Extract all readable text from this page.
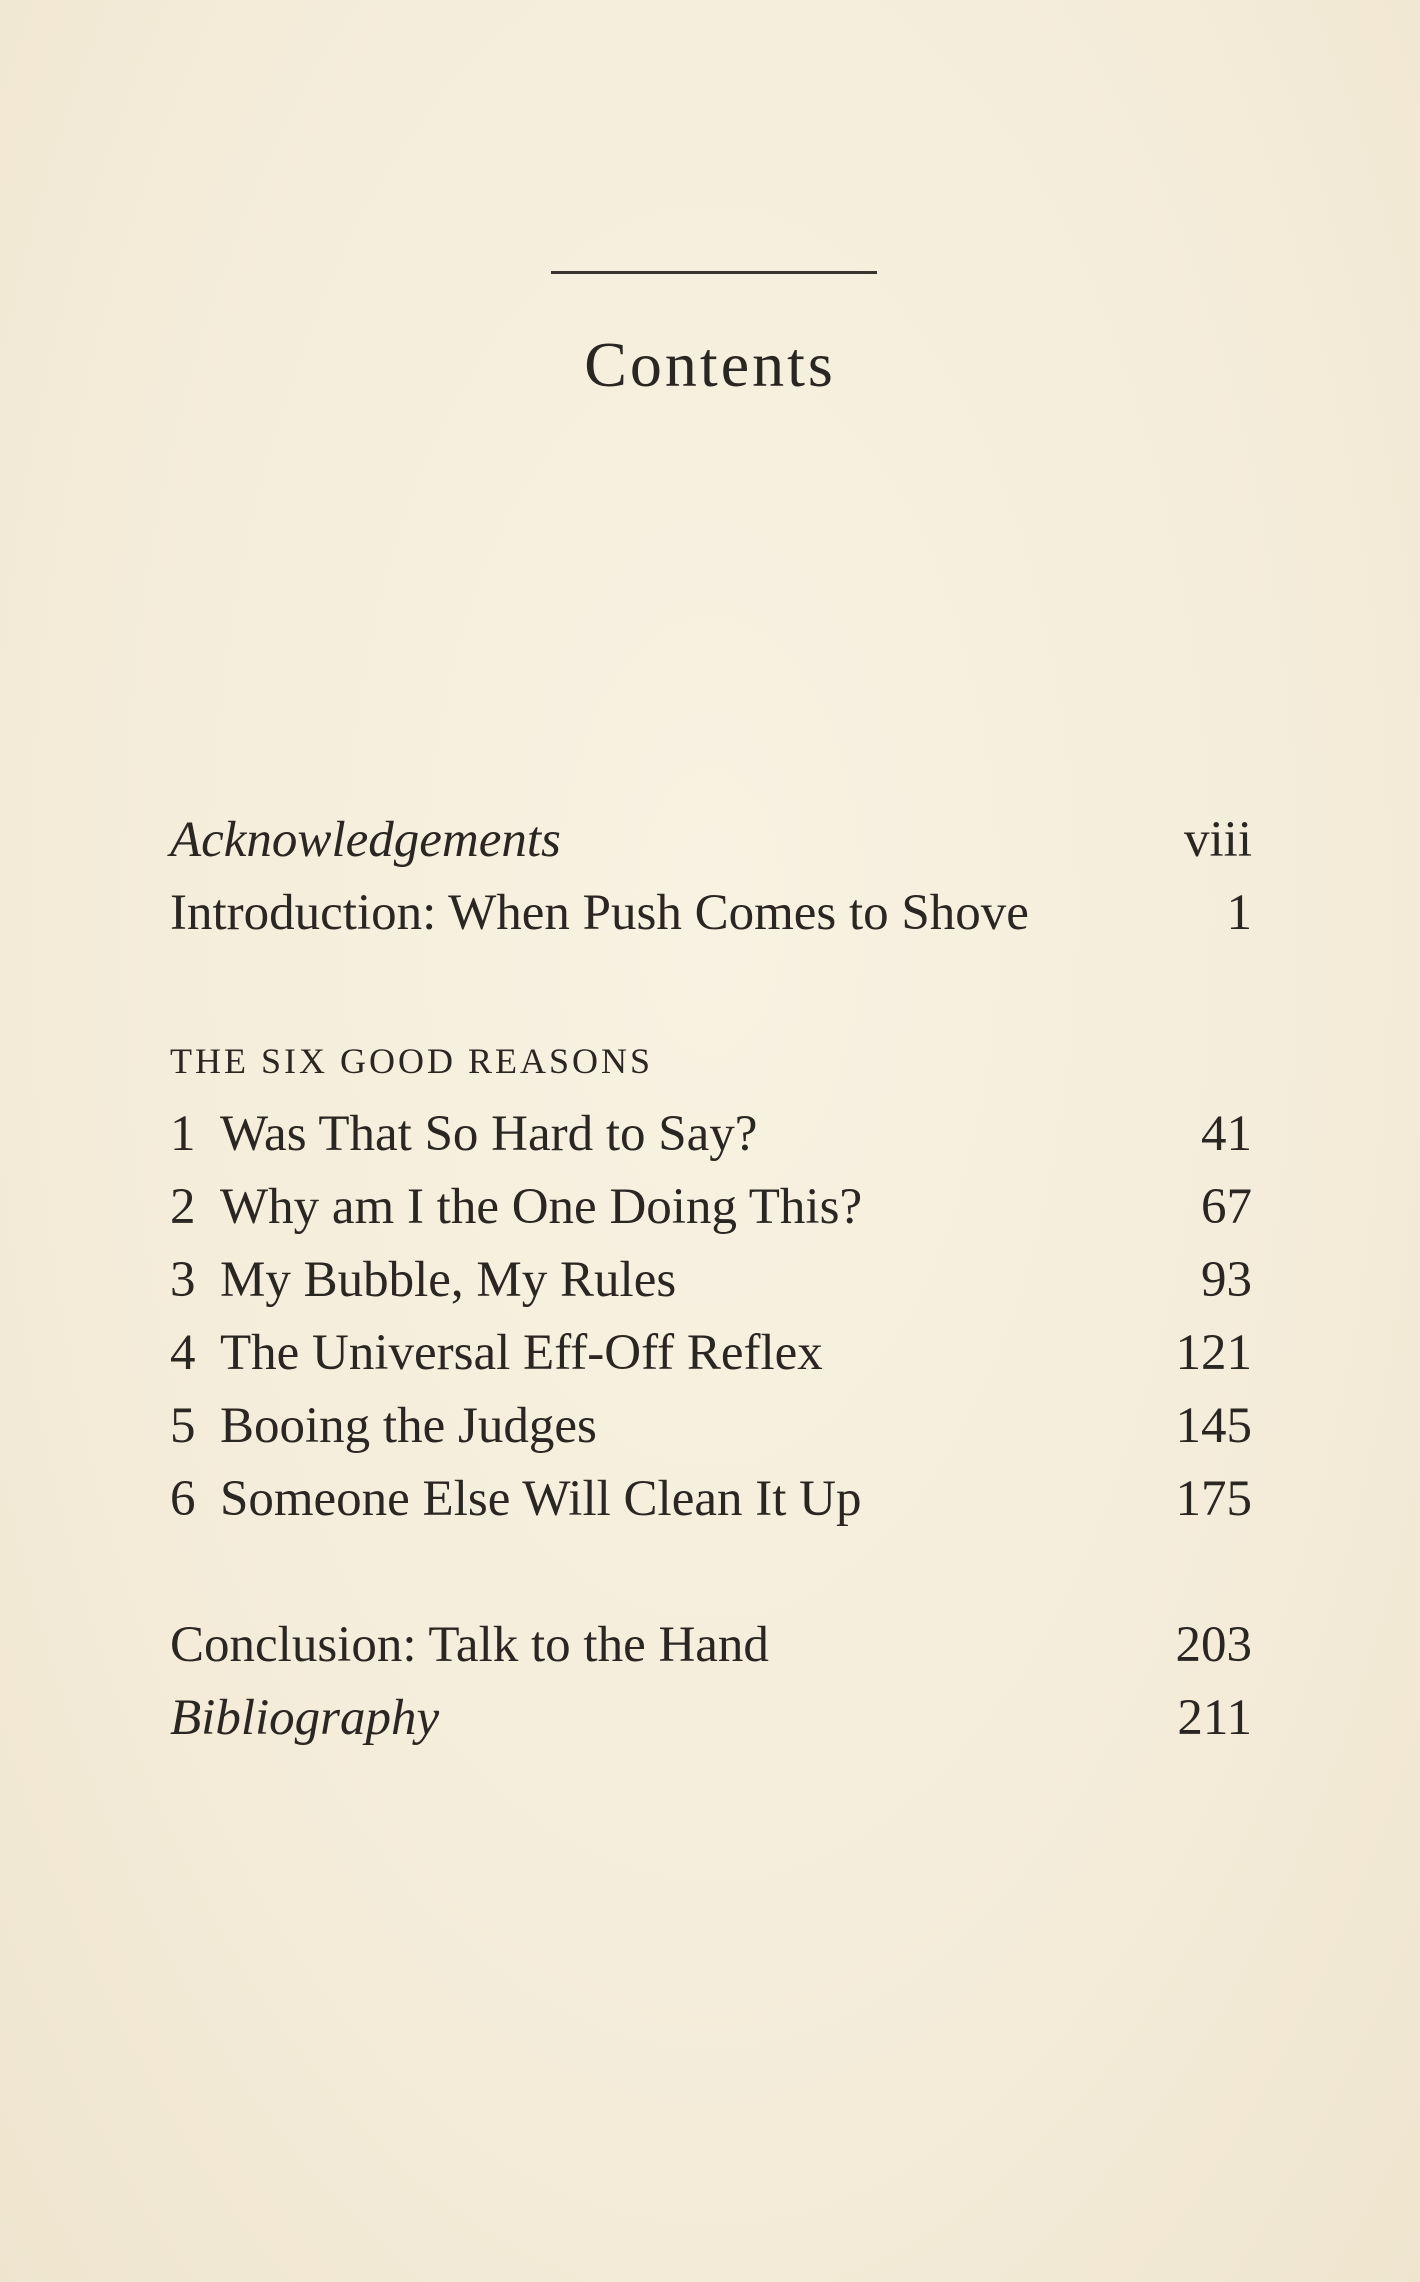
Contents
Acknowledgements	viii
Introduction: When Push Comes to Shove	1
THE SIX GOOD REASONS
1 Was That So Hard to Say?	41
2 Why am I the One Doing This?	67
3 My Bubble, My Rules	93
4 The Universal Eff-Off Reflex	121
5 Booing the Judges	145
6 Someone Else Will Clean It Up	175
Conclusion: Talk to the Hand	203
Bibliography	211
